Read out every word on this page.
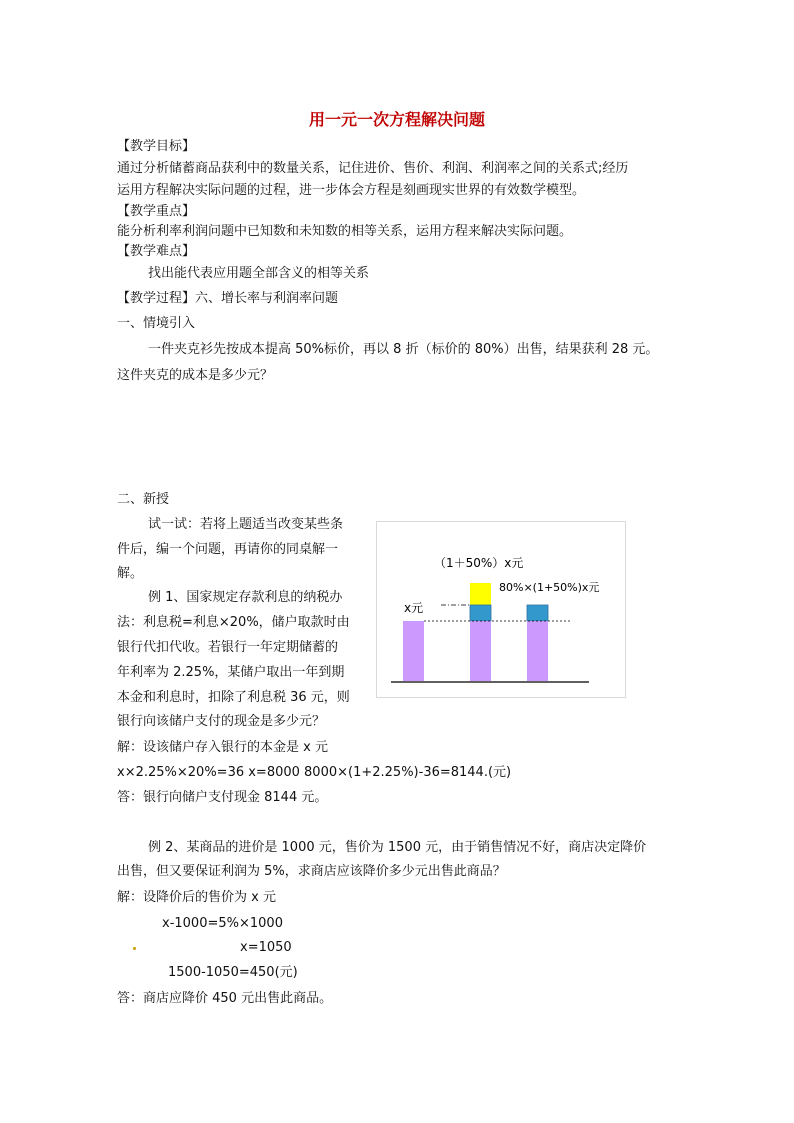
用一元一次方程解决问题
【教学目标】
通过分析储蓄商品获利中的数量关系，记住进价、售价、利润、利润率之间的关系式;经历
运用方程解决实际问题的过程，进一步体会方程是刻画现实世界的有效数学模型。
【教学重点】
能分析利率利润问题中已知数和未知数的相等关系，运用方程来解决实际问题。
【教学难点】
找出能代表应用题全部含义的相等关系
【教学过程】六、增长率与利润率问题
一、情境引入
一件夹克衫先按成本提高 50%标价，再以 8 折（标价的 80%）出售，结果获利 28 元。
这件夹克的成本是多少元？
二、新授
试一试：若将上题适当改变某些条
件后，编一个问题，再请你的同桌解一
解。
例 1、国家规定存款利息的纳税办
法：利息税=利息×20%，储户取款时由
银行代扣代收。若银行一年定期储蓄的
年利率为 2.25%，某储户取出一年到期
本金和利息时，扣除了利息税 36 元，则
银行向该储户支付的现金是多少元？
解：设该储户存入银行的本金是 x 元
x×2.25%×20%=36 x=8000 8000×(1+2.25%)-36=8144.(元)
答：银行向储户支付现金 8144 元。
例 2、某商品的进价是 1000 元，售价为 1500 元，由于销售情况不好，商店决定降价
出售，但又要保证利润为 5%，求商店应该降价多少元出售此商品？
解：设降价后的售价为 x 元
x-1000=5%×1000
x=1050
1500-1050=450(元)
答：商店应降价 450 元出售此商品。
x元
（1＋50%）x元
80%×(1+50%)x元
